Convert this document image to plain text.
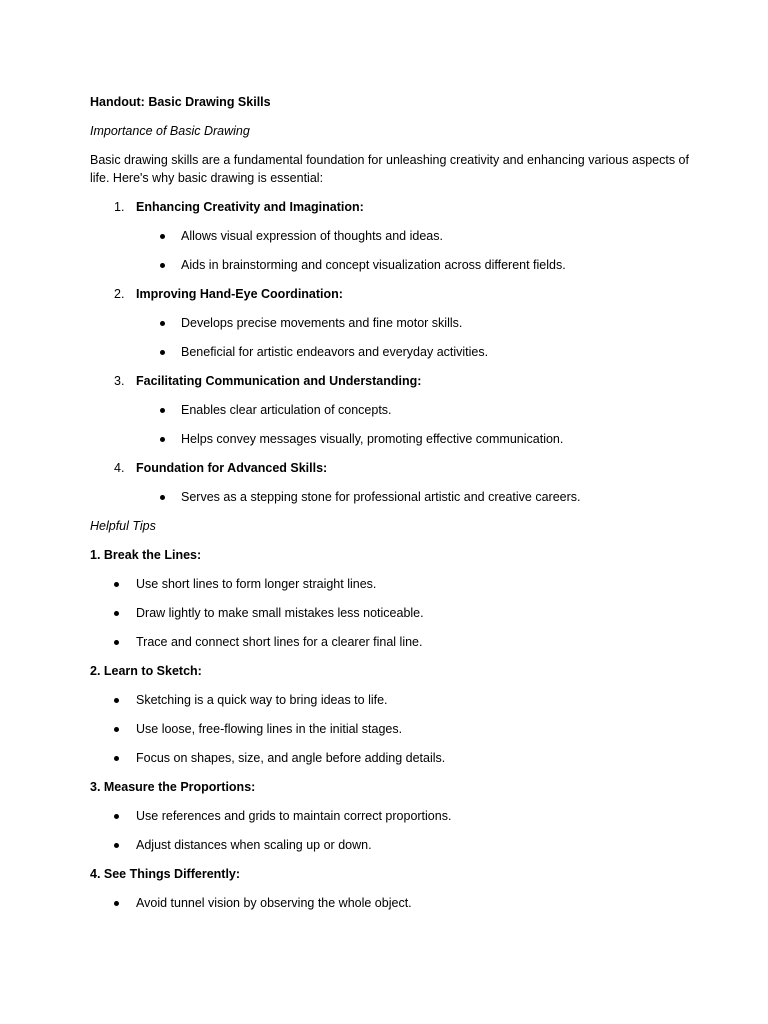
Handout: Basic Drawing Skills

Importance of Basic Drawing

Basic drawing skills are a fundamental foundation for unleashing creativity and enhancing various aspects of life. Here's why basic drawing is essential:

1. Enhancing Creativity and Imagination:
Allows visual expression of thoughts and ideas.
Aids in brainstorming and concept visualization across different fields.
2. Improving Hand-Eye Coordination:
Develops precise movements and fine motor skills.
Beneficial for artistic endeavors and everyday activities.
3. Facilitating Communication and Understanding:
Enables clear articulation of concepts.
Helps convey messages visually, promoting effective communication.
4. Foundation for Advanced Skills:
Serves as a stepping stone for professional artistic and creative careers.

Helpful Tips

1. Break the Lines:

Use short lines to form longer straight lines.
Draw lightly to make small mistakes less noticeable.
Trace and connect short lines for a clearer final line.

2. Learn to Sketch:

Sketching is a quick way to bring ideas to life.
Use loose, free-flowing lines in the initial stages.
Focus on shapes, size, and angle before adding details.

3. Measure the Proportions:

Use references and grids to maintain correct proportions.
Adjust distances when scaling up or down.

4. See Things Differently:

Avoid tunnel vision by observing the whole object.
